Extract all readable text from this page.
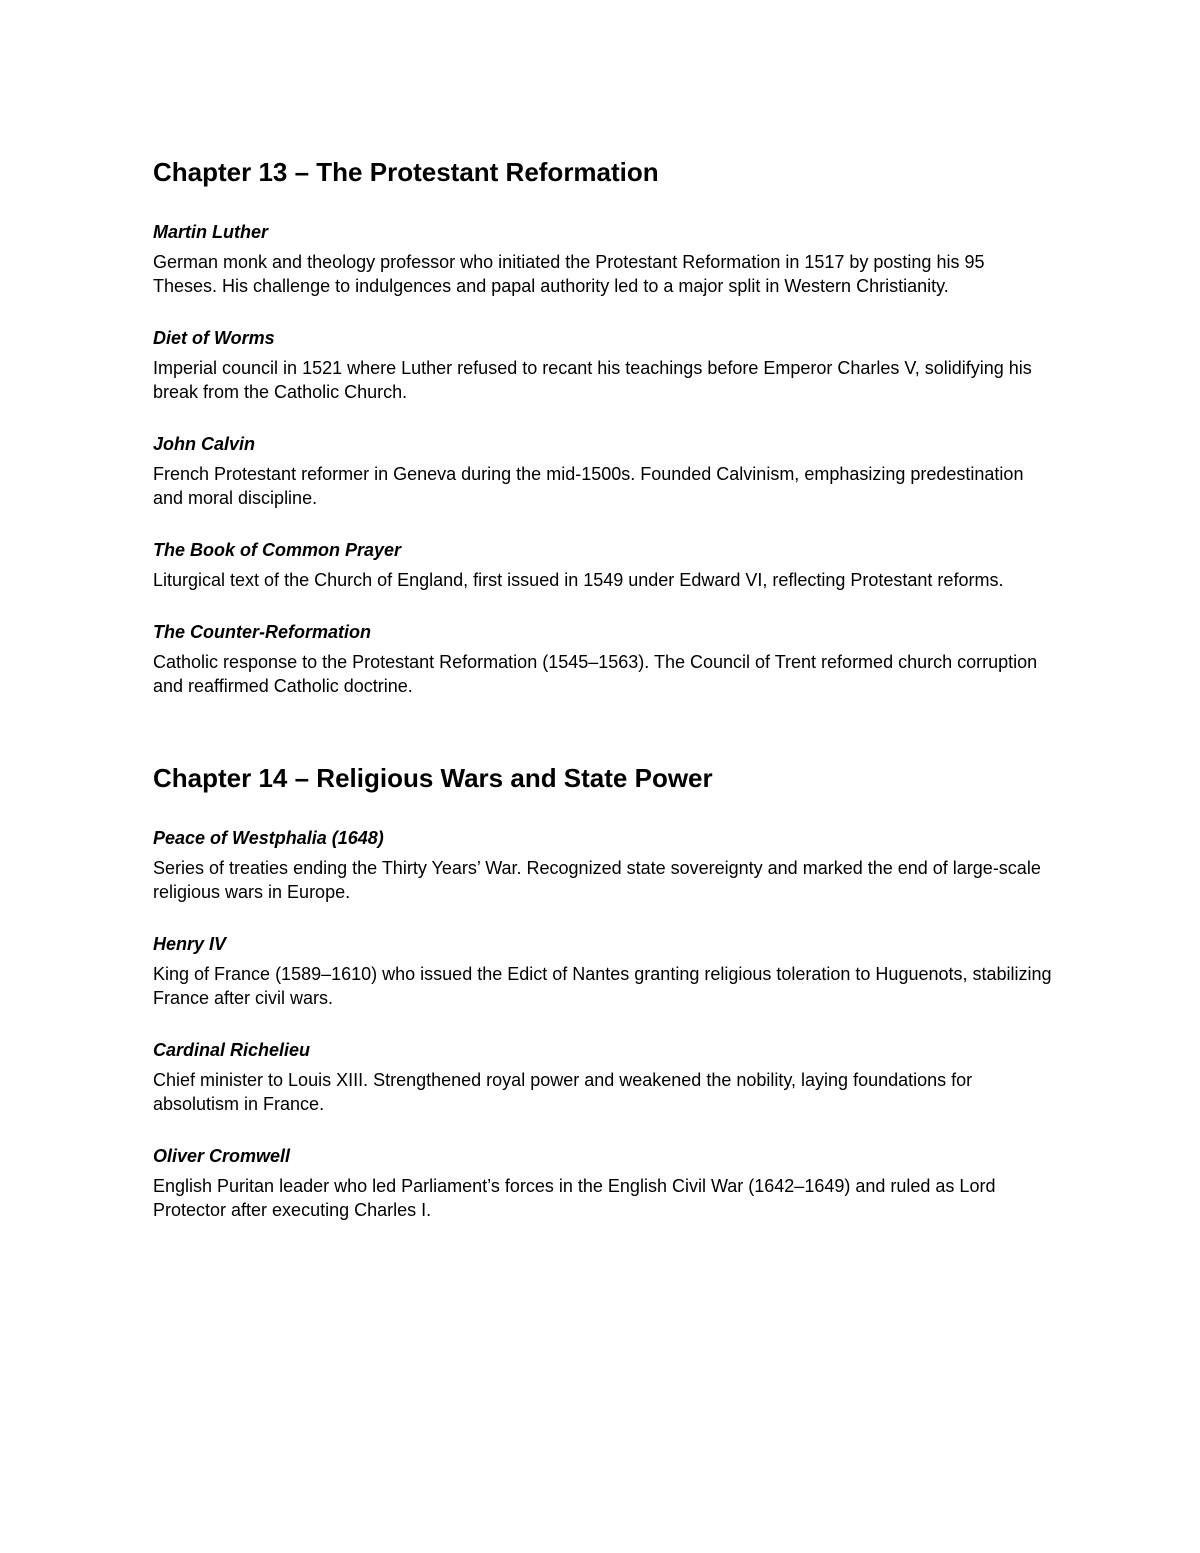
Chapter 13 – The Protestant Reformation
Martin Luther

German monk and theology professor who initiated the Protestant Reformation in 1517 by posting his 95 Theses. His challenge to indulgences and papal authority led to a major split in Western Christianity.

Diet of Worms

Imperial council in 1521 where Luther refused to recant his teachings before Emperor Charles V, solidifying his break from the Catholic Church.

John Calvin

French Protestant reformer in Geneva during the mid-1500s. Founded Calvinism, emphasizing predestination and moral discipline.

The Book of Common Prayer

Liturgical text of the Church of England, first issued in 1549 under Edward VI, reflecting Protestant reforms.

The Counter-Reformation

Catholic response to the Protestant Reformation (1545–1563). The Council of Trent reformed church corruption and reaffirmed Catholic doctrine.

Chapter 14 – Religious Wars and State Power
Peace of Westphalia (1648)

Series of treaties ending the Thirty Years’ War. Recognized state sovereignty and marked the end of large-scale religious wars in Europe.

Henry IV

King of France (1589–1610) who issued the Edict of Nantes granting religious toleration to Huguenots, stabilizing France after civil wars.

Cardinal Richelieu

Chief minister to Louis XIII. Strengthened royal power and weakened the nobility, laying foundations for absolutism in France.

Oliver Cromwell

English Puritan leader who led Parliament’s forces in the English Civil War (1642–1649) and ruled as Lord Protector after executing Charles I.
